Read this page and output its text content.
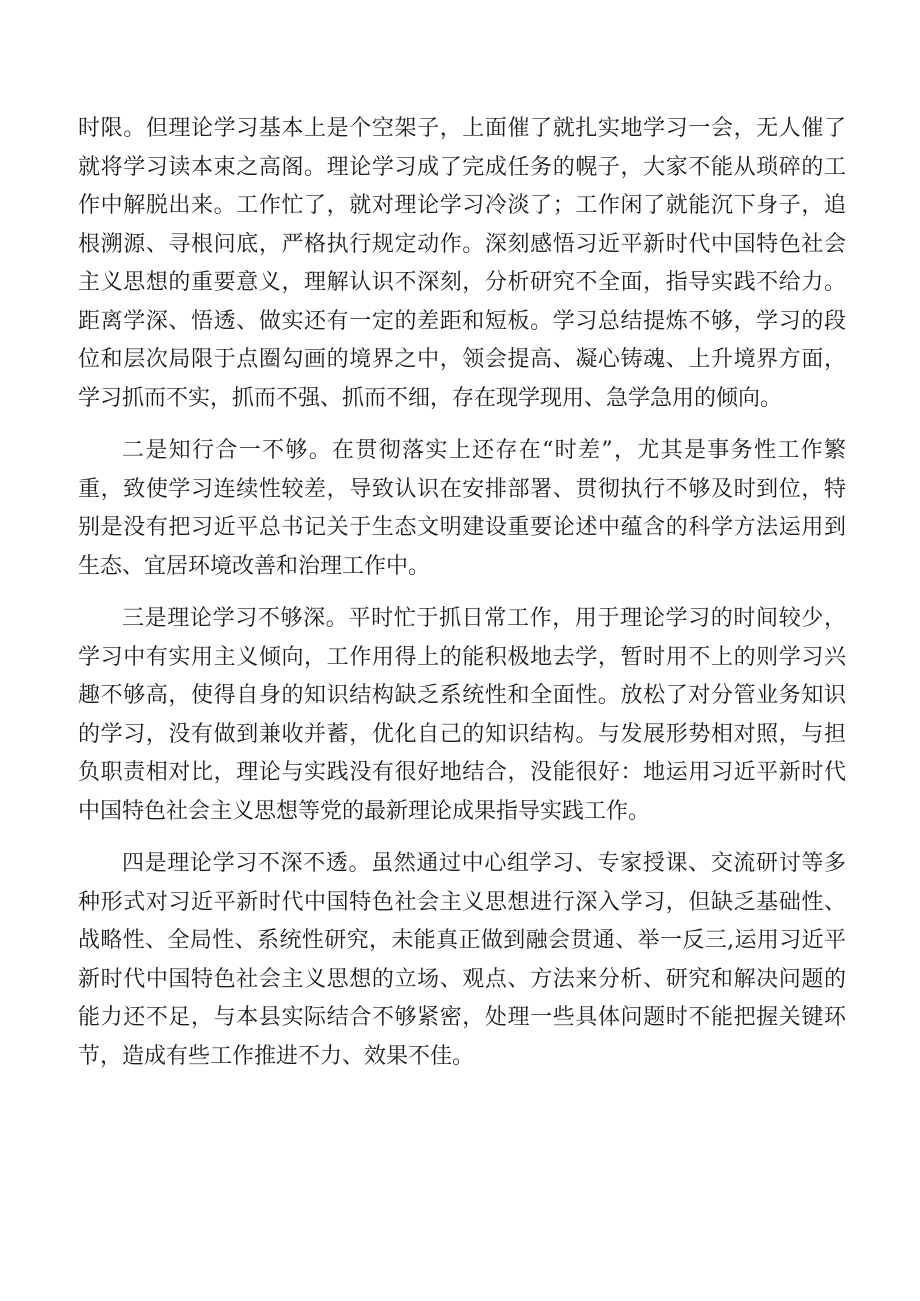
时限。但理论学习基本上是个空架子，上面催了就扎实地学习一会，无人催了就将学习读本束之高阁。理论学习成了完成任务的幌子，大家不能从琐碎的工作中解脱出来。工作忙了，就对理论学习冷淡了；工作闲了就能沉下身子，追根溯源、寻根问底，严格执行规定动作。深刻感悟习近平新时代中国特色社会主义思想的重要意义，理解认识不深刻，分析研究不全面，指导实践不给力。距离学深、悟透、做实还有一定的差距和短板。学习总结提炼不够，学习的段位和层次局限于点圈勾画的境界之中，领会提高、凝心铸魂、上升境界方面，学习抓而不实，抓而不强、抓而不细，存在现学现用、急学急用的倾向。

二是知行合一不够。在贯彻落实上还存在“时差”，尤其是事务性工作繁重，致使学习连续性较差，导致认识在安排部署、贯彻执行不够及时到位，特别是没有把习近平总书记关于生态文明建设重要论述中蕴含的科学方法运用到生态、宜居环境改善和治理工作中。

三是理论学习不够深。平时忙于抓日常工作，用于理论学习的时间较少，学习中有实用主义倾向，工作用得上的能积极地去学，暂时用不上的则学习兴趣不够高，使得自身的知识结构缺乏系统性和全面性。放松了对分管业务知识的学习，没有做到兼收并蓄，优化自己的知识结构。与发展形势相对照，与担负职责相对比，理论与实践没有很好地结合，没能很好：地运用习近平新时代中国特色社会主义思想等党的最新理论成果指导实践工作。

四是理论学习不深不透。虽然通过中心组学习、专家授课、交流研讨等多种形式对习近平新时代中国特色社会主义思想进行深入学习，但缺乏基础性、战略性、全局性、系统性研究，未能真正做到融会贯通、举一反三,运用习近平新时代中国特色社会主义思想的立场、观点、方法来分析、研究和解决问题的能力还不足，与本县实际结合不够紧密，处理一些具体问题时不能把握关键环节，造成有些工作推进不力、效果不佳。
